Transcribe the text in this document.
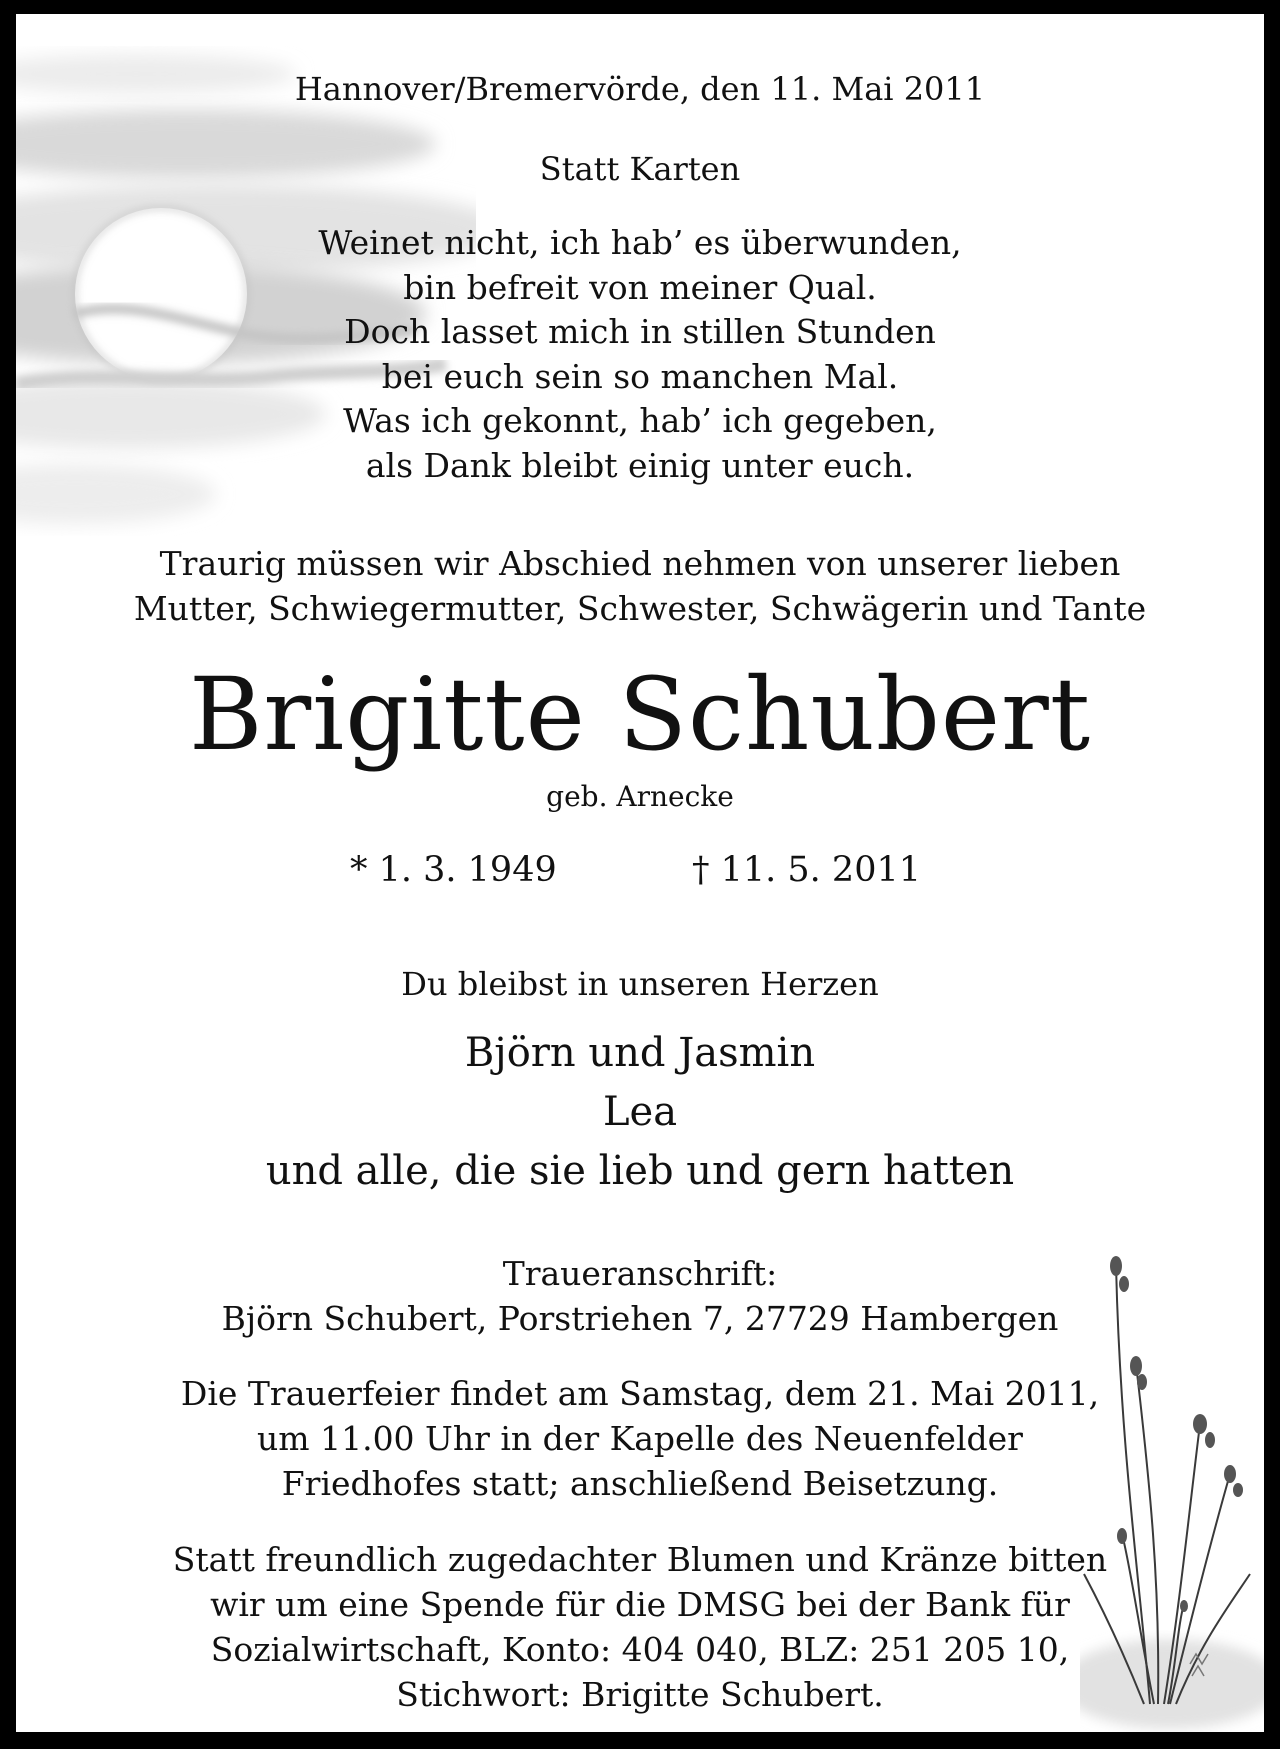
Hannover/Bremervörde, den 11. Mai 2011
Statt Karten
Weinet nicht, ich hab’ es überwunden,
bin befreit von meiner Qual.
Doch lasset mich in stillen Stunden
bei euch sein so manchen Mal.
Was ich gekonnt, hab’ ich gegeben,
als Dank bleibt einig unter euch.
Traurig müssen wir Abschied nehmen von unserer lieben
Mutter, Schwiegermutter, Schwester, Schwägerin und Tante
Brigitte Schubert
geb. Arnecke
* 1. 3. 1949	† 11. 5. 2011
Du bleibst in unseren Herzen
Björn und Jasmin
Lea
und alle, die sie lieb und gern hatten
Traueranschrift:
Björn Schubert, Porstriehen 7, 27729 Hambergen
Die Trauerfeier findet am Samstag, dem 21. Mai 2011,
um 11.00 Uhr in der Kapelle des Neuenfelder
Friedhofes statt; anschließend Beisetzung.
Statt freundlich zugedachter Blumen und Kränze bitten
wir um eine Spende für die DMSG bei der Bank für
Sozialwirtschaft, Konto: 404 040, BLZ: 251 205 10,
Stichwort: Brigitte Schubert.
